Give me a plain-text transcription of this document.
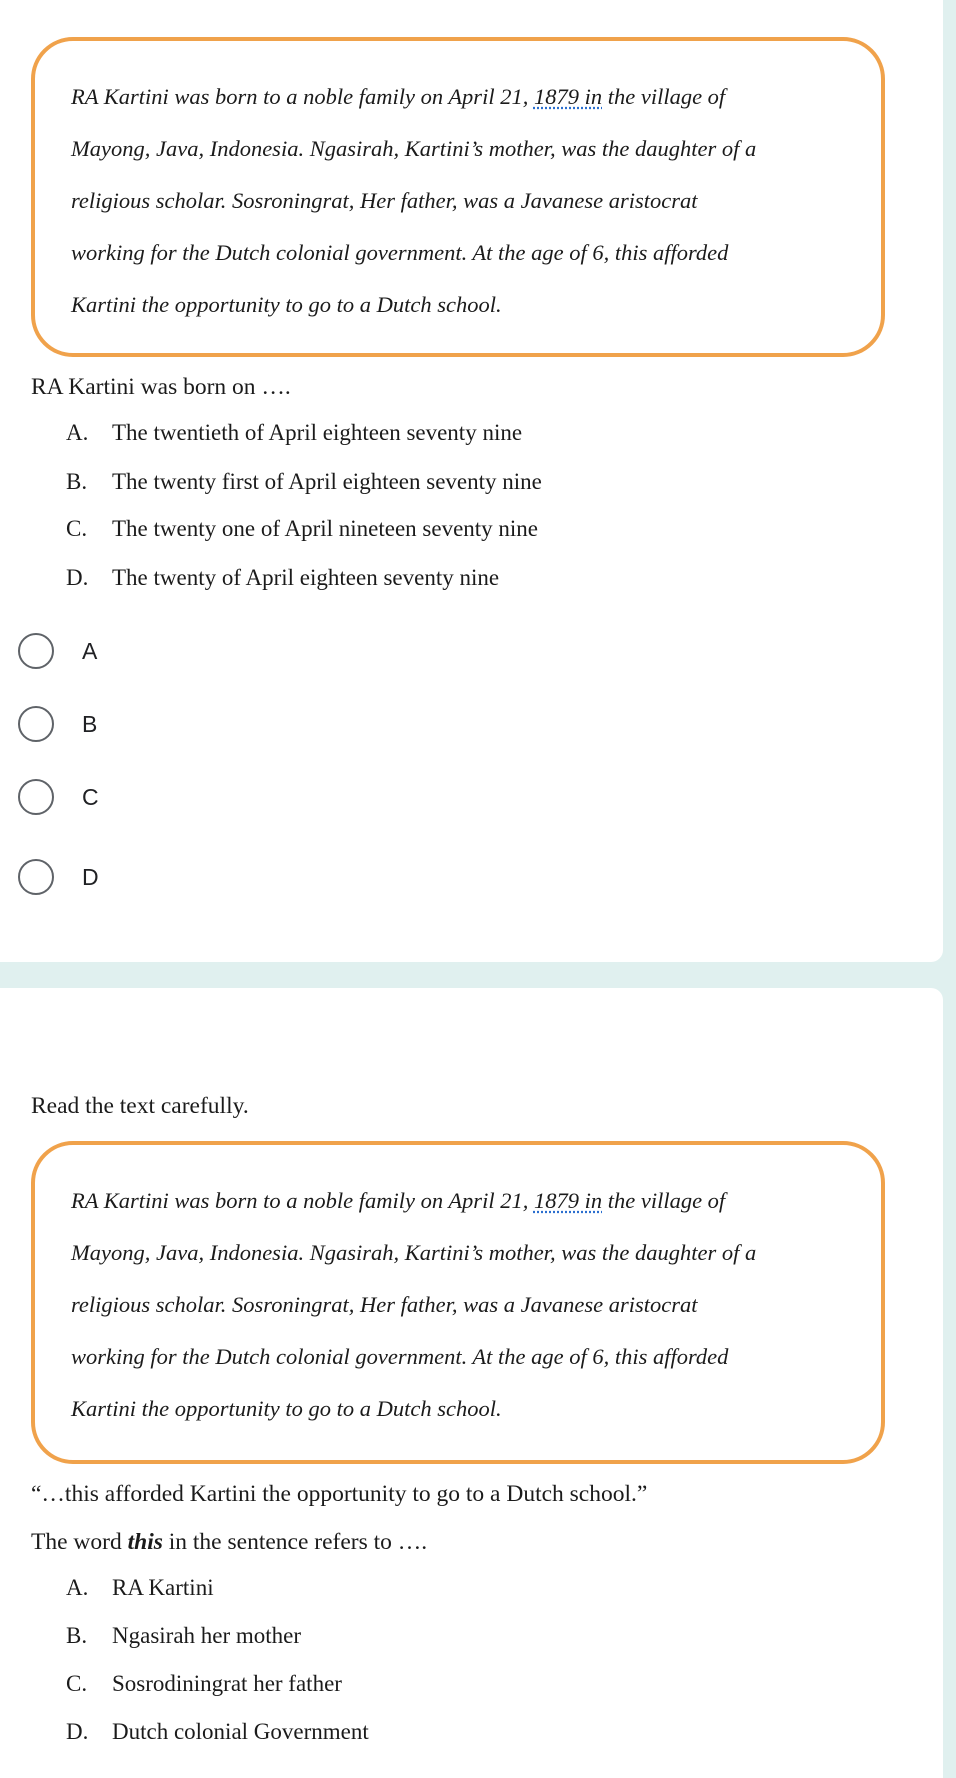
RA Kartini was born to a noble family on April 21, 1879 in the village of

Mayong, Java, Indonesia. Ngasirah, Kartini’s mother, was the daughter of a

religious scholar. Sosroningrat, Her father, was a Javanese aristocrat

working for the Dutch colonial government. At the age of 6, this afforded

Kartini the opportunity to go to a Dutch school.

RA Kartini was born on ….
A. The twentieth of April eighteen seventy nine
B. The twenty first of April eighteen seventy nine
C. The twenty one of April nineteen seventy nine
D. The twenty of April eighteen seventy nine
A
B
C
D
Read the text carefully.

RA Kartini was born to a noble family on April 21, 1879 in the village of

Mayong, Java, Indonesia. Ngasirah, Kartini’s mother, was the daughter of a

religious scholar. Sosroningrat, Her father, was a Javanese aristocrat

working for the Dutch colonial government. At the age of 6, this afforded

Kartini the opportunity to go to a Dutch school.

“…this afforded Kartini the opportunity to go to a Dutch school.”
The word this in the sentence refers to ….
A. RA Kartini
B. Ngasirah her mother
C. Sosrodiningrat her father
D. Dutch colonial Government
